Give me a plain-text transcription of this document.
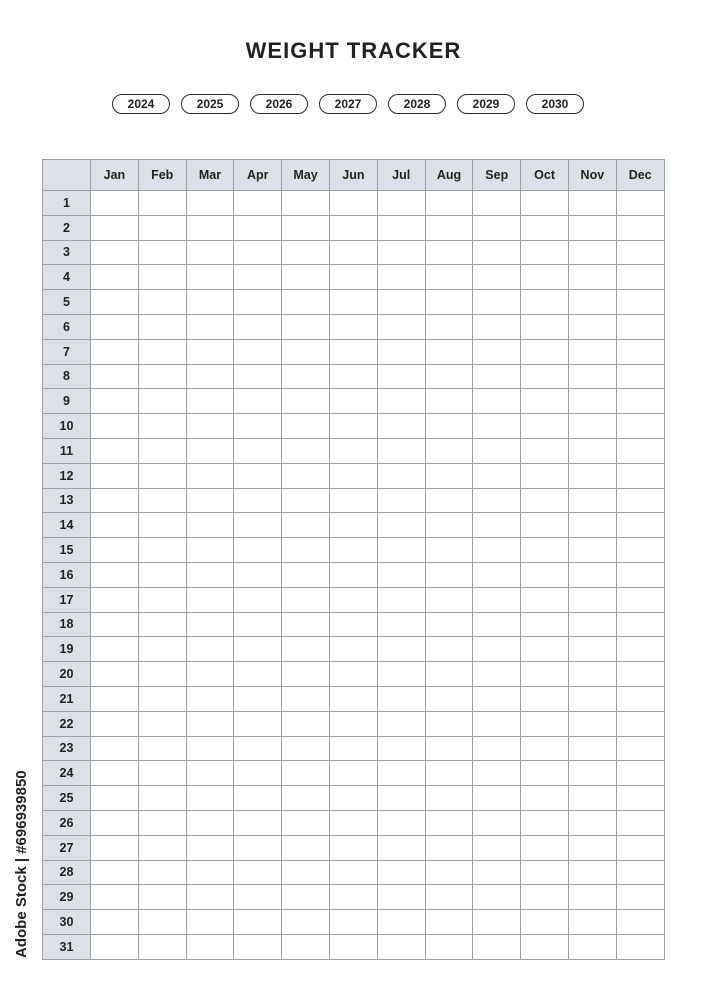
WEIGHT TRACKER
2024	2025	2026	2027	2028	2029	2030
	Jan	Feb	Mar	Apr	May	Jun	Jul	Aug	Sep	Oct	Nov	Dec
1												
2												
3												
4												
5												
6												
7												
8												
9												
10												
11												
12												
13												
14												
15												
16												
17												
18												
19												
20												
21												
22												
23												
24												
25												
26												
27												
28												
29												
30												
31												
Adobe Stock | #696939850
